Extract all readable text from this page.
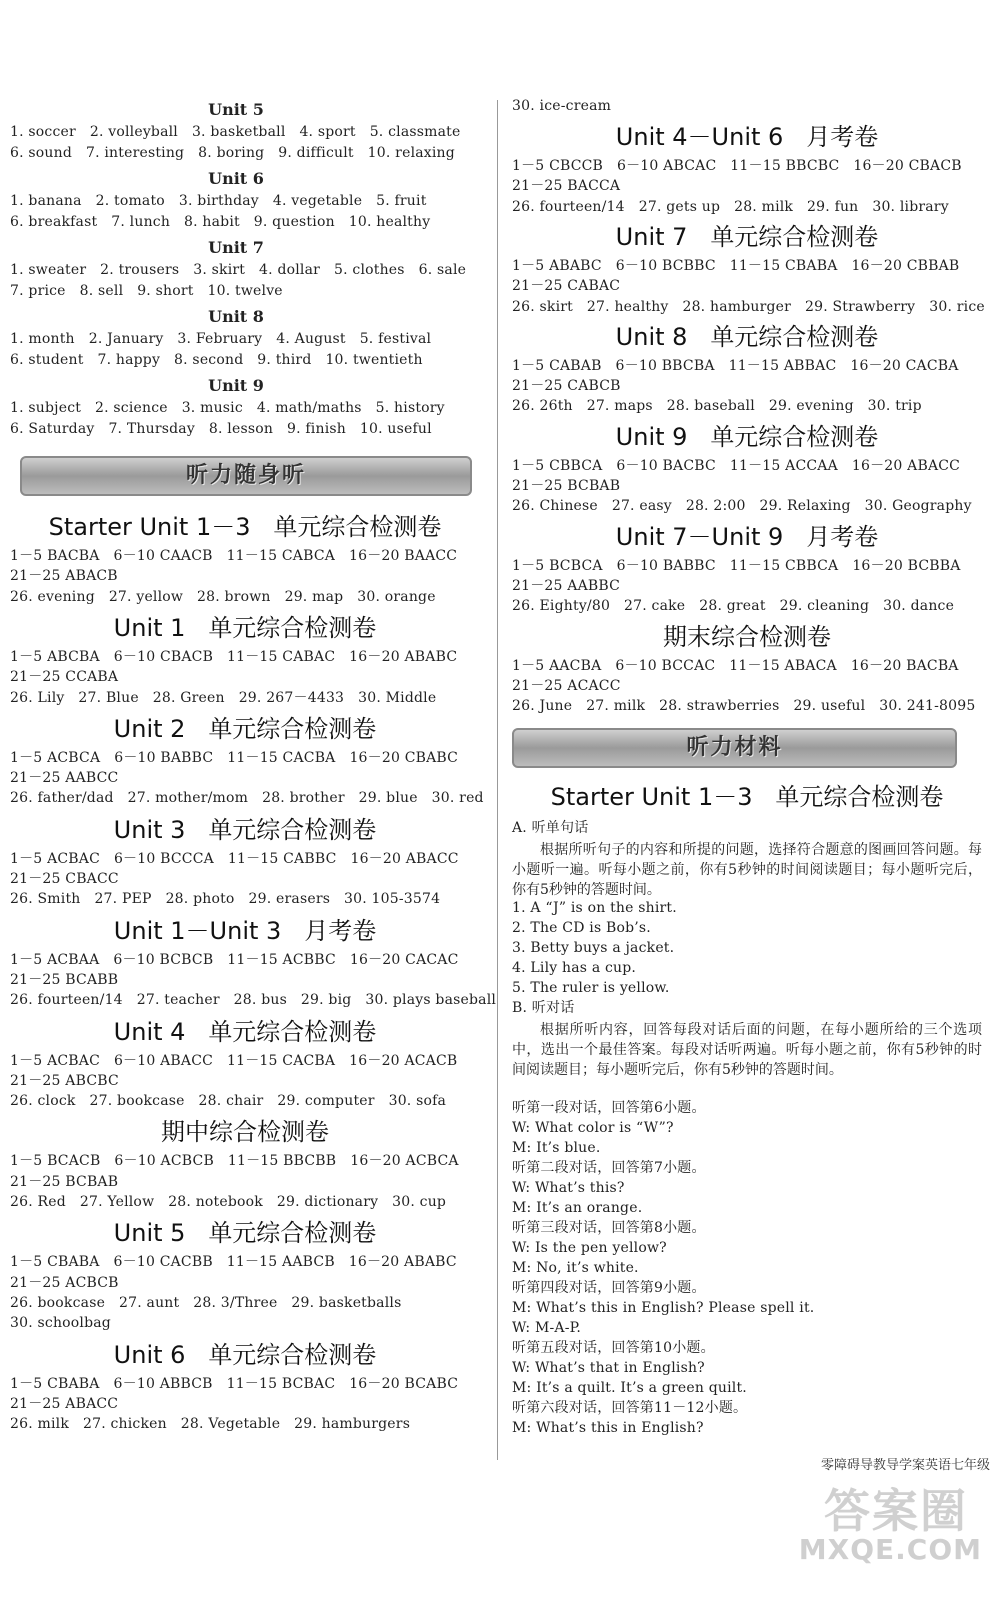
Unit 5
1. soccer   2. volleyball   3. basketball   4. sport   5. classmate
6. sound   7. interesting   8. boring   9. difficult   10. relaxing
Unit 6
1. banana   2. tomato   3. birthday   4. vegetable   5. fruit
6. breakfast   7. lunch   8. habit   9. question   10. healthy
Unit 7
1. sweater   2. trousers   3. skirt   4. dollar   5. clothes   6. sale
7. price   8. sell   9. short   10. twelve
Unit 8
1. month   2. January   3. February   4. August   5. festival
6. student   7. happy   8. second   9. third   10. twentieth
Unit 9
1. subject   2. science   3. music   4. math/maths   5. history
6. Saturday   7. Thursday   8. lesson   9. finish   10. useful
听力随身听
Starter Unit 1－3   单元综合检测卷
1－5 BACBA   6－10 CAACB   11－15 CABCA   16－20 BAACC
21－25 ABACB
26. evening   27. yellow   28. brown   29. map   30. orange
Unit 1   单元综合检测卷
1－5 ABCBA   6－10 CBACB   11－15 CABAC   16－20 ABABC
21－25 CCABA
26. Lily   27. Blue   28. Green   29. 267－4433   30. Middle
Unit 2   单元综合检测卷
1－5 ACBCA   6－10 BABBC   11－15 CACBA   16－20 CBABC
21－25 AABCC
26. father/dad   27. mother/mom   28. brother   29. blue   30. red
Unit 3   单元综合检测卷
1－5 ACBAC   6－10 BCCCA   11－15 CABBC   16－20 ABACC
21－25 CBACC
26. Smith   27. PEP   28. photo   29. erasers   30. 105-3574
Unit 1－Unit 3   月考卷
1－5 ACBAA   6－10 BCBCB   11－15 ACBBC   16－20 CACAC
21－25 BCABB
26. fourteen/14   27. teacher   28. bus   29. big   30. plays baseball
Unit 4   单元综合检测卷
1－5 ACBAC   6－10 ABACC   11－15 CACBA   16－20 ACACB
21－25 ABCBC
26. clock   27. bookcase   28. chair   29. computer   30. sofa
期中综合检测卷
1－5 BCACB   6－10 ACBCB   11－15 BBCBB   16－20 ACBCA
21－25 BCBAB
26. Red   27. Yellow   28. notebook   29. dictionary   30. cup
Unit 5   单元综合检测卷
1－5 CBABA   6－10 CACBB   11－15 AABCB   16－20 ABABC
21－25 ACBCB
26. bookcase   27. aunt   28. 3/Three   29. basketballs
30. schoolbag
Unit 6   单元综合检测卷
1－5 CBABA   6－10 ABBCB   11－15 BCBAC   16－20 BCABC
21－25 ABACC
26. milk   27. chicken   28. Vegetable   29. hamburgers
30. ice-cream
Unit 4－Unit 6   月考卷
1－5 CBCCB   6－10 ABCAC   11－15 BBCBC   16－20 CBACB
21－25 BACCA
26. fourteen/14   27. gets up   28. milk   29. fun   30. library
Unit 7   单元综合检测卷
1－5 ABABC   6－10 BCBBC   11－15 CBABA   16－20 CBBAB
21－25 CABAC
26. skirt   27. healthy   28. hamburger   29. Strawberry   30. rice
Unit 8   单元综合检测卷
1－5 CABAB   6－10 BBCBA   11－15 ABBAC   16－20 CACBA
21－25 CABCB
26. 26th   27. maps   28. baseball   29. evening   30. trip
Unit 9   单元综合检测卷
1－5 CBBCA   6－10 BACBC   11－15 ACCAA   16－20 ABACC
21－25 BCBAB
26. Chinese   27. easy   28. 2:00   29. Relaxing   30. Geography
Unit 7－Unit 9   月考卷
1－5 BCBCA   6－10 BABBC   11－15 CBBCA   16－20 BCBBA
21－25 AABBC
26. Eighty/80   27. cake   28. great   29. cleaning   30. dance
期末综合检测卷
1－5 AACBA   6－10 BCCAC   11－15 ABACA   16－20 BACBA
21－25 ACACC
26. June   27. milk   28. strawberries   29. useful   30. 241-8095
听力材料
Starter Unit 1－3   单元综合检测卷
A. 听单句话
根据所听句子的内容和所提的问题，选择符合题意的图画回答问题。每小题听一遍。听每小题之前，你有5秒钟的时间阅读题目；每小题听完后，你有5秒钟的答题时间。
1. A “J” is on the shirt.
2. The CD is Bob’s.
3. Betty buys a jacket.
4. Lily has a cup.
5. The ruler is yellow.
B. 听对话
根据所听内容，回答每段对话后面的问题，在每小题所给的三个选项中，选出一个最佳答案。每段对话听两遍。听每小题之前，你有5秒钟的时间阅读题目；每小题听完后，你有5秒钟的答题时间。
听第一段对话，回答第6小题。
W: What color is “W”?
M: It’s blue.
听第二段对话，回答第7小题。
W: What’s this?
M: It’s an orange.
听第三段对话，回答第8小题。
W: Is the pen yellow?
M: No, it’s white.
听第四段对话，回答第9小题。
M: What’s this in English? Please spell it.
W: M-A-P.
听第五段对话，回答第10小题。
W: What’s that in English?
M: It’s a quilt. It’s a green quilt.
听第六段对话，回答第11－12小题。
M: What’s this in English?
零障碍导教导学案英语七年级
答案圈
MXQE.COM
